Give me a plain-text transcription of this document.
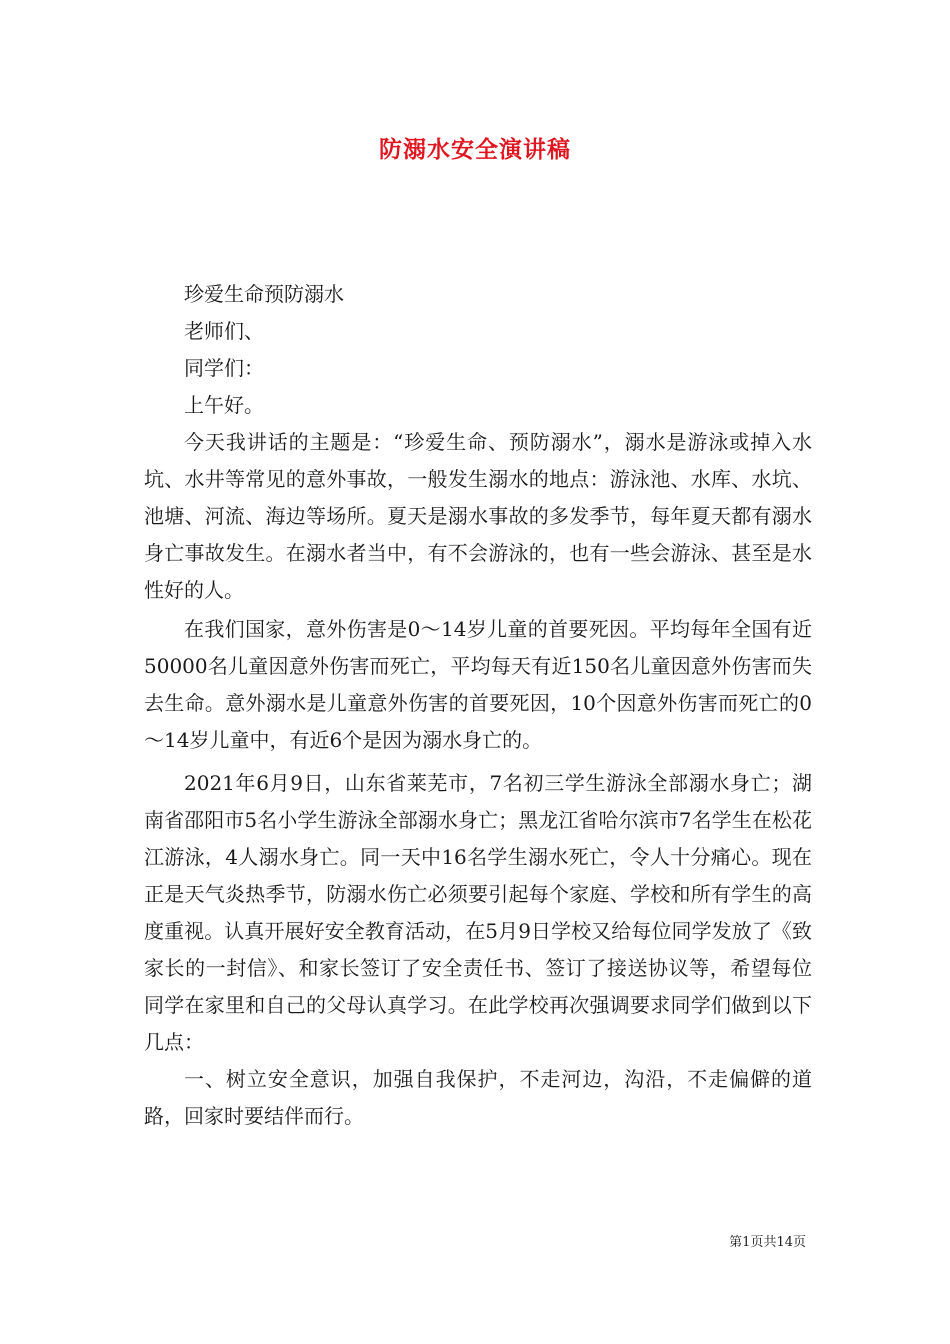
防溺水安全演讲稿

珍爱生命预防溺水

老师们、

同学们：

上午好。

今天我讲话的主题是：“珍爱生命、预防溺水”，溺水是游泳或掉入水坑、水井等常见的意外事故，一般发生溺水的地点：游泳池、水库、水坑、池塘、河流、海边等场所。夏天是溺水事故的多发季节，每年夏天都有溺水身亡事故发生。在溺水者当中，有不会游泳的，也有一些会游泳、甚至是水性好的人。

在我们国家，意外伤害是0～14岁儿童的首要死因。平均每年全国有近50000名儿童因意外伤害而死亡，平均每天有近150名儿童因意外伤害而失去生命。意外溺水是儿童意外伤害的首要死因，10个因意外伤害而死亡的0～14岁儿童中，有近6个是因为溺水身亡的。

2021年6月9日，山东省莱芜市，7名初三学生游泳全部溺水身亡；湖南省邵阳市5名小学生游泳全部溺水身亡；黑龙江省哈尔滨市7名学生在松花江游泳，4人溺水身亡。同一天中16名学生溺水死亡，令人十分痛心。现在正是天气炎热季节，防溺水伤亡必须要引起每个家庭、学校和所有学生的高度重视。认真开展好安全教育活动，在5月9日学校又给每位同学发放了《致家长的一封信》、和家长签订了安全责任书、签订了接送协议等，希望每位同学在家里和自己的父母认真学习。在此学校再次强调要求同学们做到以下几点：

一、树立安全意识，加强自我保护，不走河边，沟沿，不走偏僻的道路，回家时要结伴而行。

第1页共14页
